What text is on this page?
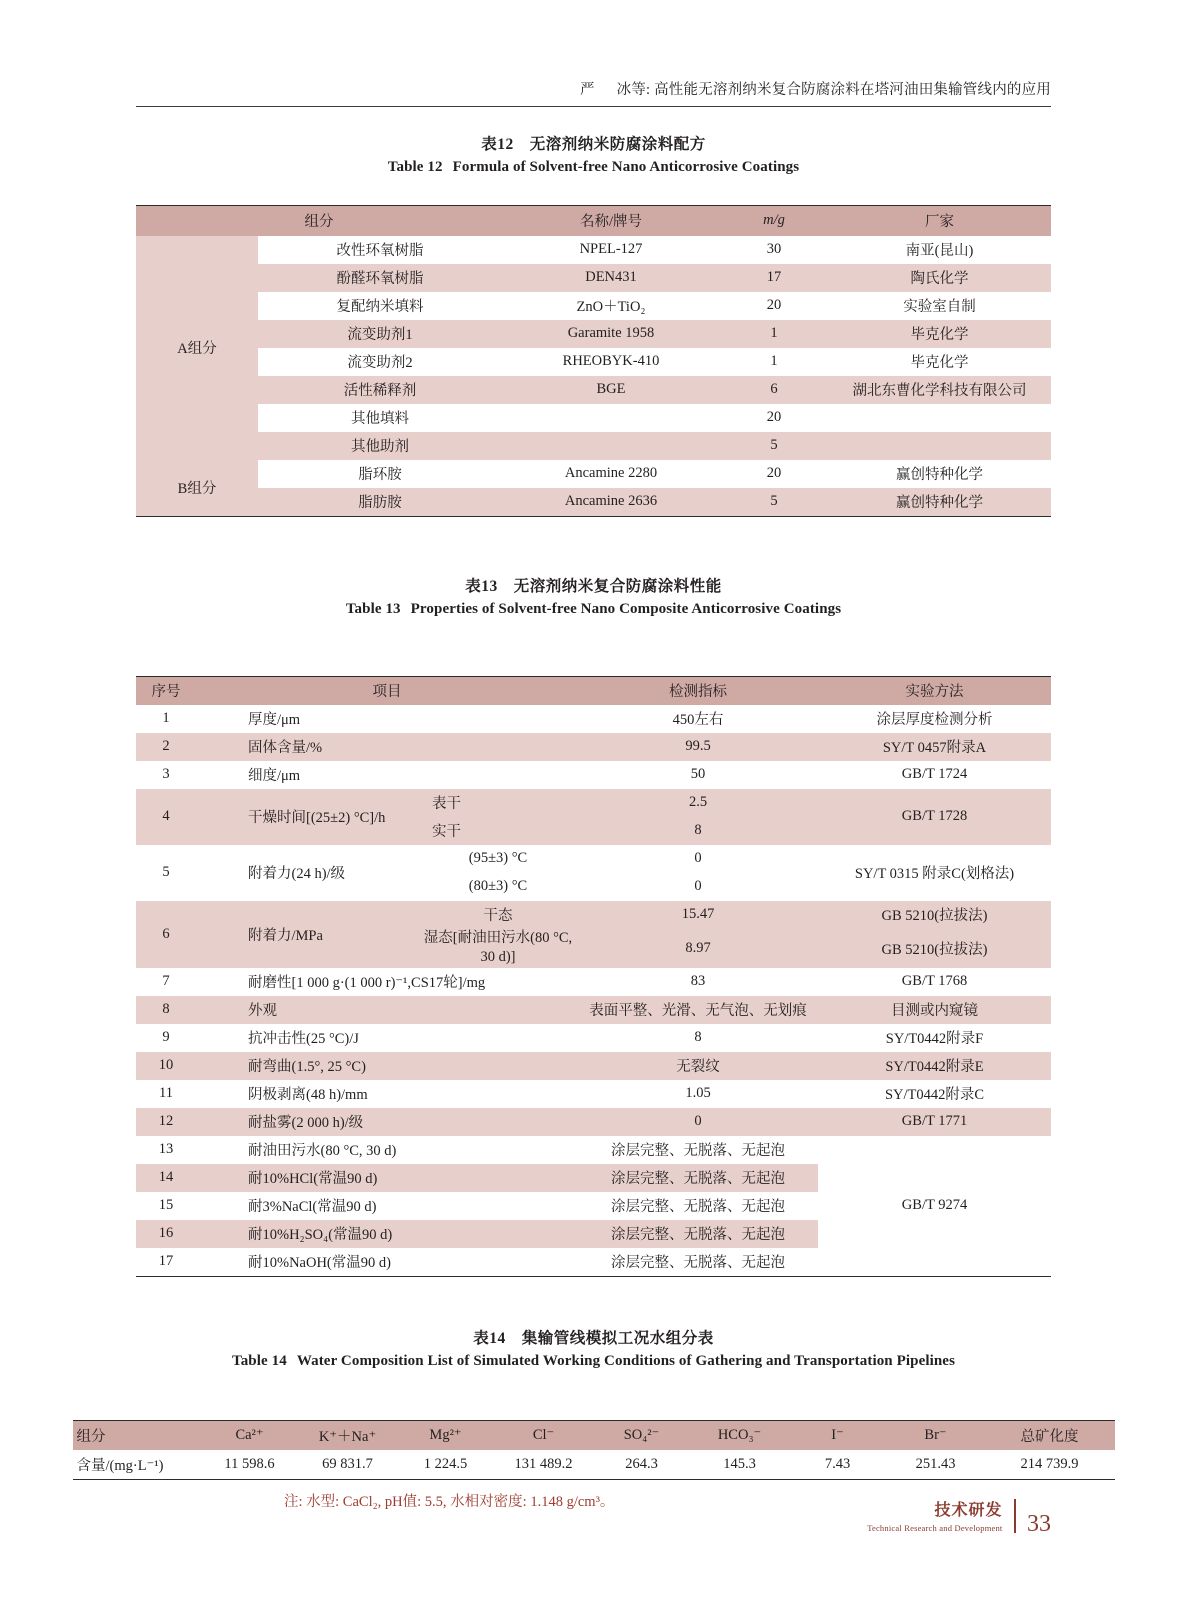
严 冰等: 高性能无溶剂纳米复合防腐涂料在塔河油田集输管线内的应用
表12 无溶剂纳米防腐涂料配方
Table 12 Formula of Solvent-free Nano Anticorrosive Coatings
组分		名称/牌号	m/g	厂家
A组分	改性环氧树脂	NPEL-127	30	南亚(昆山)
	酚醛环氧树脂	DEN431	17	陶氏化学
	复配纳米填料	ZnO＋TiO₂	20	实验室自制
	流变助剂1	Garamite 1958	1	毕克化学
	流变助剂2	RHEOBYK-410	1	毕克化学
	活性稀释剂	BGE	6	湖北东曹化学科技有限公司
	其他填料		20	
	其他助剂		5	
B组分	脂环胺	Ancamine 2280	20	赢创特种化学
	脂肪胺	Ancamine 2636	5	赢创特种化学
表13 无溶剂纳米复合防腐涂料性能
Table 13 Properties of Solvent-free Nano Composite Anticorrosive Coatings
序号	项目		检测指标	实验方法
1	厚度/μm		450左右	涂层厚度检测分析
2	固体含量/%		99.5	SY/T 0457附录A
3	细度/μm		50	GB/T 1724
4	干燥时间[(25±2) °C]/h	表干	2.5	GB/T 1728
		实干	8	
5	附着力(24 h)/级	(95±3) °C	0	SY/T 0315 附录C(划格法)
		(80±3) °C	0	
6	附着力/MPa	干态	15.47	GB 5210(拉拔法)
		湿态[耐油田污水(80 °C, 30 d)]	8.97	GB 5210(拉拔法)
7	耐磨性[1 000 g·(1 000 r)⁻¹,CS17轮]/mg		83	GB/T 1768
8	外观		表面平整、光滑、无气泡、无划痕	目测或内窥镜
9	抗冲击性(25 °C)/J		8	SY/T0442附录F
10	耐弯曲(1.5°, 25 °C)		无裂纹	SY/T0442附录E
11	阴极剥离(48 h)/mm		1.05	SY/T0442附录C
12	耐盐雾(2 000 h)/级		0	GB/T 1771
13	耐油田污水(80 °C, 30 d)		涂层完整、无脱落、无起泡	GB/T 9274
14	耐10%HCl(常温90 d)		涂层完整、无脱落、无起泡	
15	耐3%NaCl(常温90 d)		涂层完整、无脱落、无起泡	
16	耐10%H₂SO₄(常温90 d)		涂层完整、无脱落、无起泡	
17	耐10%NaOH(常温90 d)		涂层完整、无脱落、无起泡	
表14 集输管线模拟工况水组分表
Table 14 Water Composition List of Simulated Working Conditions of Gathering and Transportation Pipelines
组分	Ca²⁺	K⁺＋Na⁺	Mg²⁺	Cl⁻	SO₄²⁻	HCO₃⁻	I⁻	Br⁻	总矿化度
含量/(mg·L⁻¹)	11 598.6	69 831.7	1 224.5	131 489.2	264.3	145.3	7.43	251.43	214 739.9
注: 水型: CaCl₂, pH值: 5.5, 水相对密度: 1.148 g/cm³。	技术研发
Technical Research and Development 33
